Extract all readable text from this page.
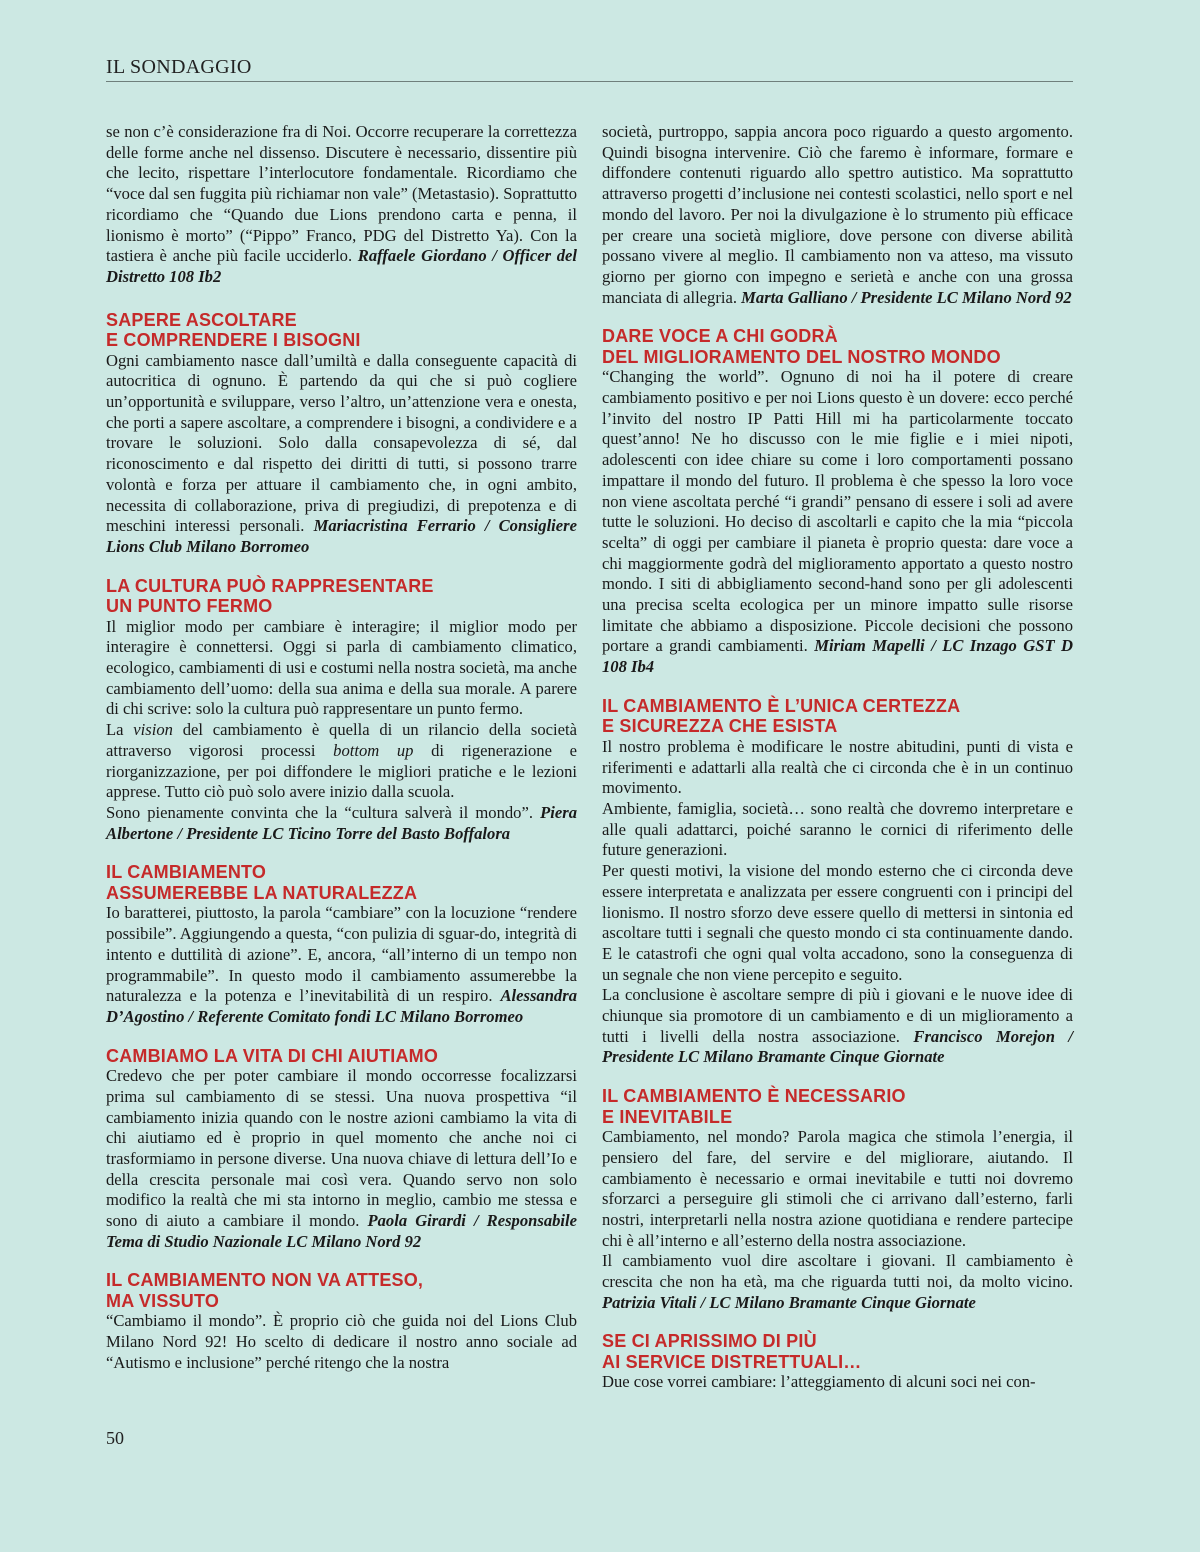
IL SONDAGGIO

se non c’è considerazione fra di Noi. Occorre recuperare la correttezza delle forme anche nel dissenso. Discutere è necessario, dissentire più che lecito, rispettare l’interlocutore fondamentale. Ricordiamo che “voce dal sen fuggita più richiamar non vale” (Metastasio). Soprattutto ricordiamo che “Quando due Lions prendono carta e penna, il lionismo è morto” (“Pippo” Franco, PDG del Distretto Ya). Con la tastiera è anche più facile ucciderlo. Raffaele Giordano / Officer del Distretto 108 Ib2

SAPERE ASCOLTARE
E COMPRENDERE I BISOGNI

Ogni cambiamento nasce dall’umiltà e dalla conseguente capacità di autocritica di ognuno. È partendo da qui che si può cogliere un’opportunità e sviluppare, verso l’altro, un’attenzione vera e onesta, che porti a sapere ascoltare, a comprendere i bisogni, a condividere e a trovare le soluzioni. Solo dalla consapevolezza di sé, dal riconoscimento e dal rispetto dei diritti di tutti, si possono trarre volontà e forza per attuare il cambiamento che, in ogni ambito, necessita di collaborazione, priva di pregiudizi, di prepotenza e di meschini interessi personali. Mariacristina Ferrario / Consigliere Lions Club Milano Borromeo

LA CULTURA PUÒ RAPPRESENTARE
UN PUNTO FERMO

Il miglior modo per cambiare è interagire; il miglior modo per interagire è connettersi. Oggi si parla di cambiamento climatico, ecologico, cambiamenti di usi e costumi nella nostra società, ma anche cambiamento dell’uomo: della sua anima e della sua morale. A parere di chi scrive: solo la cultura può rappresentare un punto fermo.

La vision del cambiamento è quella di un rilancio della società attraverso vigorosi processi bottom up di rigenerazione e riorganizzazione, per poi diffondere le migliori pratiche e le lezioni apprese. Tutto ciò può solo avere inizio dalla scuola.

Sono pienamente convinta che la “cultura salverà il mondo”. Piera Albertone / Presidente LC Ticino Torre del Basto Boffalora

IL CAMBIAMENTO
ASSUMEREBBE LA NATURALEZZA

Io baratterei, piuttosto, la parola “cambiare” con la locuzione “rendere possibile”. Aggiungendo a questa, “con pulizia di sguar-do, integrità di intento e duttilità di azione”. E, ancora, “all’interno di un tempo non programmabile”. In questo modo il cambiamento assumerebbe la naturalezza e la potenza e l’inevitabilità di un respiro. Alessandra D’Agostino / Referente Comitato fondi LC Milano Borromeo

CAMBIAMO LA VITA DI CHI AIUTIAMO

Credevo che per poter cambiare il mondo occorresse focalizzarsi prima sul cambiamento di se stessi. Una nuova prospettiva “il cambiamento inizia quando con le nostre azioni cambiamo la vita di chi aiutiamo ed è proprio in quel momento che anche noi ci trasformiamo in persone diverse. Una nuova chiave di lettura dell’Io e della crescita personale mai così vera. Quando servo non solo modifico la realtà che mi sta intorno in meglio, cambio me stessa e sono di aiuto a cambiare il mondo. Paola Girardi / Responsabile Tema di Studio Nazionale LC Milano Nord 92

IL CAMBIAMENTO NON VA ATTESO,
MA VISSUTO

“Cambiamo il mondo”. È proprio ciò che guida noi del Lions Club Milano Nord 92! Ho scelto di dedicare il nostro anno sociale ad “Autismo e inclusione” perché ritengo che la nostra

società, purtroppo, sappia ancora poco riguardo a questo argomento. Quindi bisogna intervenire. Ciò che faremo è informare, formare e diffondere contenuti riguardo allo spettro autistico. Ma soprattutto attraverso progetti d’inclusione nei contesti scolastici, nello sport e nel mondo del lavoro. Per noi la divulgazione è lo strumento più efficace per creare una società migliore, dove persone con diverse abilità possano vivere al meglio. Il cambiamento non va atteso, ma vissuto giorno per giorno con impegno e serietà e anche con una grossa manciata di allegria. Marta Galliano / Presidente LC Milano Nord 92

DARE VOCE A CHI GODRÀ
DEL MIGLIORAMENTO DEL NOSTRO MONDO

“Changing the world”. Ognuno di noi ha il potere di creare cambiamento positivo e per noi Lions questo è un dovere: ecco perché l’invito del nostro IP Patti Hill mi ha particolarmente toccato quest’anno! Ne ho discusso con le mie figlie e i miei nipoti, adolescenti con idee chiare su come i loro comportamenti possano impattare il mondo del futuro. Il problema è che spesso la loro voce non viene ascoltata perché “i grandi” pensano di essere i soli ad avere tutte le soluzioni. Ho deciso di ascoltarli e capito che la mia “piccola scelta” di oggi per cambiare il pianeta è proprio questa: dare voce a chi maggiormente godrà del miglioramento apportato a questo nostro mondo. I siti di abbigliamento second-hand sono per gli adolescenti una precisa scelta ecologica per un minore impatto sulle risorse limitate che abbiamo a disposizione. Piccole decisioni che possono portare a grandi cambiamenti. Miriam Mapelli / LC Inzago GST D 108 Ib4

IL CAMBIAMENTO È L’UNICA CERTEZZA
E SICUREZZA CHE ESISTA

Il nostro problema è modificare le nostre abitudini, punti di vista e riferimenti e adattarli alla realtà che ci circonda che è in un continuo movimento.

Ambiente, famiglia, società… sono realtà che dovremo interpretare e alle quali adattarci, poiché saranno le cornici di riferimento delle future generazioni.

Per questi motivi, la visione del mondo esterno che ci circonda deve essere interpretata e analizzata per essere congruenti con i principi del lionismo. Il nostro sforzo deve essere quello di mettersi in sintonia ed ascoltare tutti i segnali che questo mondo ci sta continuamente dando. E le catastrofi che ogni qual volta accadono, sono la conseguenza di un segnale che non viene percepito e seguito.

La conclusione è ascoltare sempre di più i giovani e le nuove idee di chiunque sia promotore di un cambiamento e di un miglioramento a tutti i livelli della nostra associazione. Francisco Morejon / Presidente LC Milano Bramante Cinque Giornate

IL CAMBIAMENTO È NECESSARIO
E INEVITABILE

Cambiamento, nel mondo? Parola magica che stimola l’energia, il pensiero del fare, del servire e del migliorare, aiutando. Il cambiamento è necessario e ormai inevitabile e tutti noi dovremo sforzarci a perseguire gli stimoli che ci arrivano dall’esterno, farli nostri, interpretarli nella nostra azione quotidiana e rendere partecipe chi è all’interno e all’esterno della nostra associazione.

Il cambiamento vuol dire ascoltare i giovani. Il cambiamento è crescita che non ha età, ma che riguarda tutti noi, da molto vicino. Patrizia Vitali / LC Milano Bramante Cinque Giornate

SE CI APRISSIMO DI PIÙ
AI SERVICE DISTRETTUALI…

Due cose vorrei cambiare: l’atteggiamento di alcuni soci nei con-

50
